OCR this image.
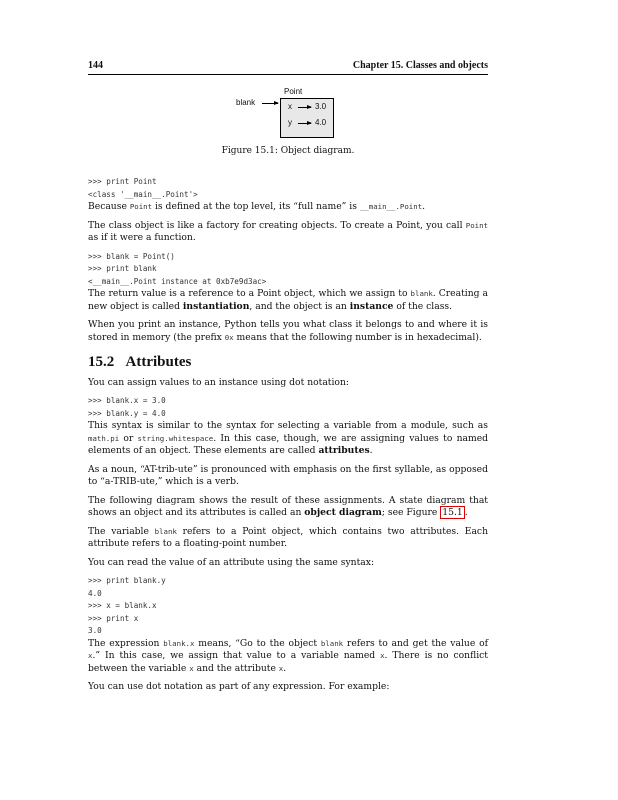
144	Chapter 15. Classes and objects
Point
blank	x	3.0
y	4.0
Figure 15.1: Object diagram.
>>> print Point
<class '__main__.Point'>

Because Point is defined at the top level, its “full name” is __main__.Point.

The class object is like a factory for creating objects. To create a Point, you call Point as if it were a function.

>>> blank = Point()
>>> print blank
<__main__.Point instance at 0xb7e9d3ac>

The return value is a reference to a Point object, which we assign to blank. Creating a new object is called instantiation, and the object is an instance of the class.

When you print an instance, Python tells you what class it belongs to and where it is stored in memory (the prefix 0x means that the following number is in hexadecimal).

15.2 Attributes

You can assign values to an instance using dot notation:

>>> blank.x = 3.0
>>> blank.y = 4.0

This syntax is similar to the syntax for selecting a variable from a module, such as math.pi or string.whitespace. In this case, though, we are assigning values to named elements of an object. These elements are called attributes.

As a noun, “AT-trib-ute” is pronounced with emphasis on the first syllable, as opposed to “a-TRIB-ute,” which is a verb.

The following diagram shows the result of these assignments. A state diagram that shows an object and its attributes is called an object diagram; see Figure 15.1 .

The variable blank refers to a Point object, which contains two attributes. Each attribute refers to a floating-point number.

You can read the value of an attribute using the same syntax:

>>> print blank.y
4.0
>>> x = blank.x
>>> print x
3.0

The expression blank.x means, “Go to the object blank refers to and get the value of x.” In this case, we assign that value to a variable named x. There is no conflict between the variable x and the attribute x.

You can use dot notation as part of any expression. For example:
